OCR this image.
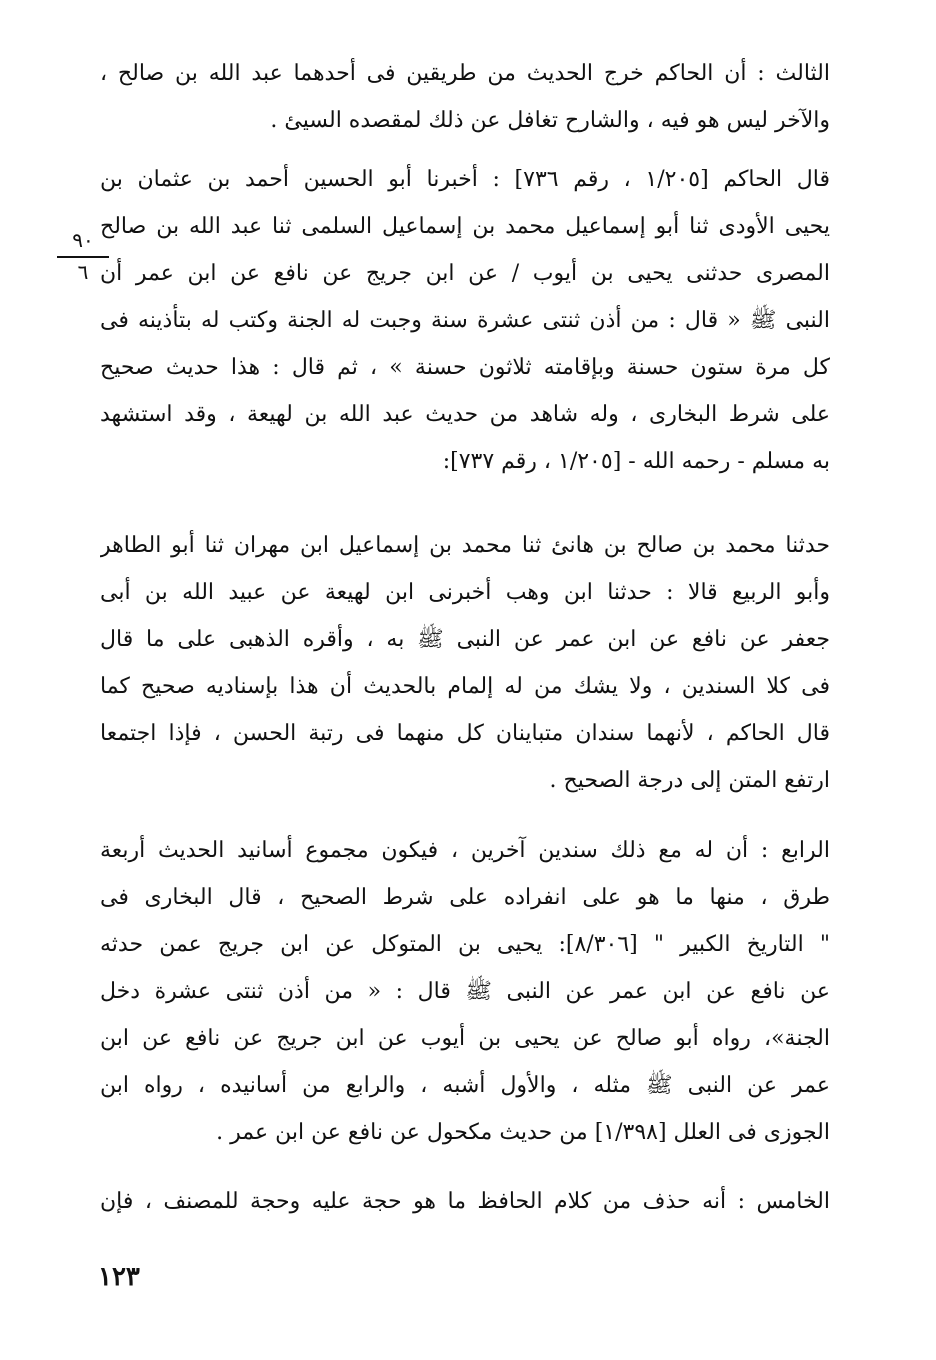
الثالث : أن الحاكم خرج الحديث من طريقين فى أحدهما عبد الله بن صالح ،
والآخر ليس هو فيه ، والشارح تغافل عن ذلك لمقصده السيئ .
قال الحاكم [١/٢٠٥ ، رقم ٧٣٦] : أخبرنا أبو الحسين أحمد بن عثمان بن
يحيى الأودى ثنا أبو إسماعيل محمد بن إسماعيل السلمى ثنا عبد الله بن صالح
المصرى حدثنى يحيى بن أيوب / عن ابن جريج عن نافع عن ابن عمر أن
النبى ﷺ « قال : من أذن ثنتى عشرة سنة وجبت له الجنة وكتب له بتأذينه فى
كل مرة ستون حسنة وبإقامته ثلاثون حسنة » ، ثم قال : هذا حديث صحيح
على شرط البخارى ، وله شاهد من حديث عبد الله بن لهيعة ، وقد استشهد
به مسلم - رحمه الله - [١/٢٠٥ ، رقم ٧٣٧]:
٩٠
٦
حدثنا محمد بن صالح بن هانئ ثنا محمد بن إسماعيل ابن مهران ثنا أبو الطاهر
وأبو الربيع قالا : حدثنا ابن وهب أخبرنى ابن لهيعة عن عبيد الله بن أبى
جعفر عن نافع عن ابن عمر عن النبى ﷺ به ، وأقره الذهبى على ما قال
فى كلا السندين ، ولا يشك من له إلمام بالحديث أن هذا بإسناديه صحيح كما
قال الحاكم ، لأنهما سندان متباينان كل منهما فى رتبة الحسن ، فإذا اجتمعا
ارتفع المتن إلى درجة الصحيح .
الرابع : أن له مع ذلك سندين آخرين ، فيكون مجموع أسانيد الحديث أربعة
طرق ، منها ما هو على انفراده على شرط الصحيح ، قال البخارى فى
" التاريخ الكبير " [٨/٣٠٦]: يحيى بن المتوكل عن ابن جريج عمن حدثه
عن نافع عن ابن عمر عن النبى ﷺ قال : « من أذن ثنتى عشرة دخل
الجنة»، رواه أبو صالح عن يحيى بن أيوب عن ابن جريج عن نافع عن ابن
عمر عن النبى ﷺ مثله ، والأول أشبه ، والرابع من أسانيده ، رواه ابن
الجوزى فى العلل [١/٣٩٨] من حديث مكحول عن نافع عن ابن عمر .
الخامس : أنه حذف من كلام الحافظ ما هو حجة عليه وحجة للمصنف ، فإن
١٢٣
